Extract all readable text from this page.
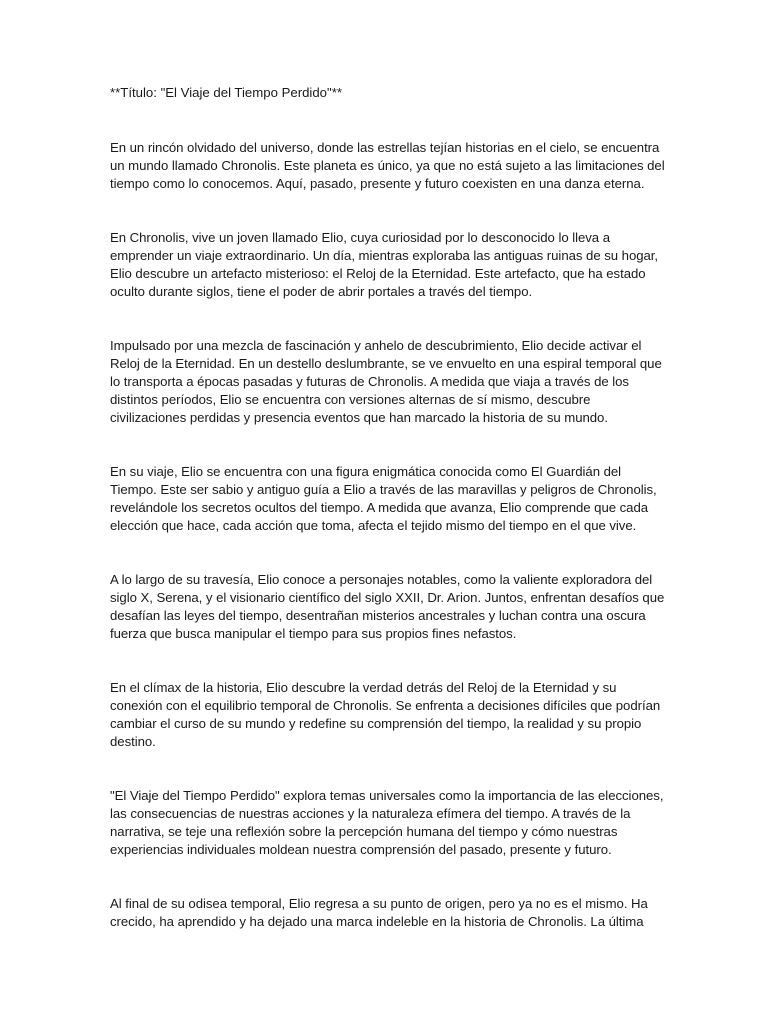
**Título: "El Viaje del Tiempo Perdido"**
En un rincón olvidado del universo, donde las estrellas tejían historias en el cielo, se encuentra
un mundo llamado Chronolis. Este planeta es único, ya que no está sujeto a las limitaciones del
tiempo como lo conocemos. Aquí, pasado, presente y futuro coexisten en una danza eterna.
En Chronolis, vive un joven llamado Elio, cuya curiosidad por lo desconocido lo lleva a
emprender un viaje extraordinario. Un día, mientras exploraba las antiguas ruinas de su hogar,
Elio descubre un artefacto misterioso: el Reloj de la Eternidad. Este artefacto, que ha estado
oculto durante siglos, tiene el poder de abrir portales a través del tiempo.
Impulsado por una mezcla de fascinación y anhelo de descubrimiento, Elio decide activar el
Reloj de la Eternidad. En un destello deslumbrante, se ve envuelto en una espiral temporal que
lo transporta a épocas pasadas y futuras de Chronolis. A medida que viaja a través de los
distintos períodos, Elio se encuentra con versiones alternas de sí mismo, descubre
civilizaciones perdidas y presencia eventos que han marcado la historia de su mundo.
En su viaje, Elio se encuentra con una figura enigmática conocida como El Guardián del
Tiempo. Este ser sabio y antiguo guía a Elio a través de las maravillas y peligros de Chronolis,
revelándole los secretos ocultos del tiempo. A medida que avanza, Elio comprende que cada
elección que hace, cada acción que toma, afecta el tejido mismo del tiempo en el que vive.
A lo largo de su travesía, Elio conoce a personajes notables, como la valiente exploradora del
siglo X, Serena, y el visionario científico del siglo XXII, Dr. Arion. Juntos, enfrentan desafíos que
desafían las leyes del tiempo, desentrañan misterios ancestrales y luchan contra una oscura
fuerza que busca manipular el tiempo para sus propios fines nefastos.
En el clímax de la historia, Elio descubre la verdad detrás del Reloj de la Eternidad y su
conexión con el equilibrio temporal de Chronolis. Se enfrenta a decisiones difíciles que podrían
cambiar el curso de su mundo y redefine su comprensión del tiempo, la realidad y su propio
destino.
"El Viaje del Tiempo Perdido" explora temas universales como la importancia de las elecciones,
las consecuencias de nuestras acciones y la naturaleza efímera del tiempo. A través de la
narrativa, se teje una reflexión sobre la percepción humana del tiempo y cómo nuestras
experiencias individuales moldean nuestra comprensión del pasado, presente y futuro.
Al final de su odisea temporal, Elio regresa a su punto de origen, pero ya no es el mismo. Ha
crecido, ha aprendido y ha dejado una marca indeleble en la historia de Chronolis. La última
